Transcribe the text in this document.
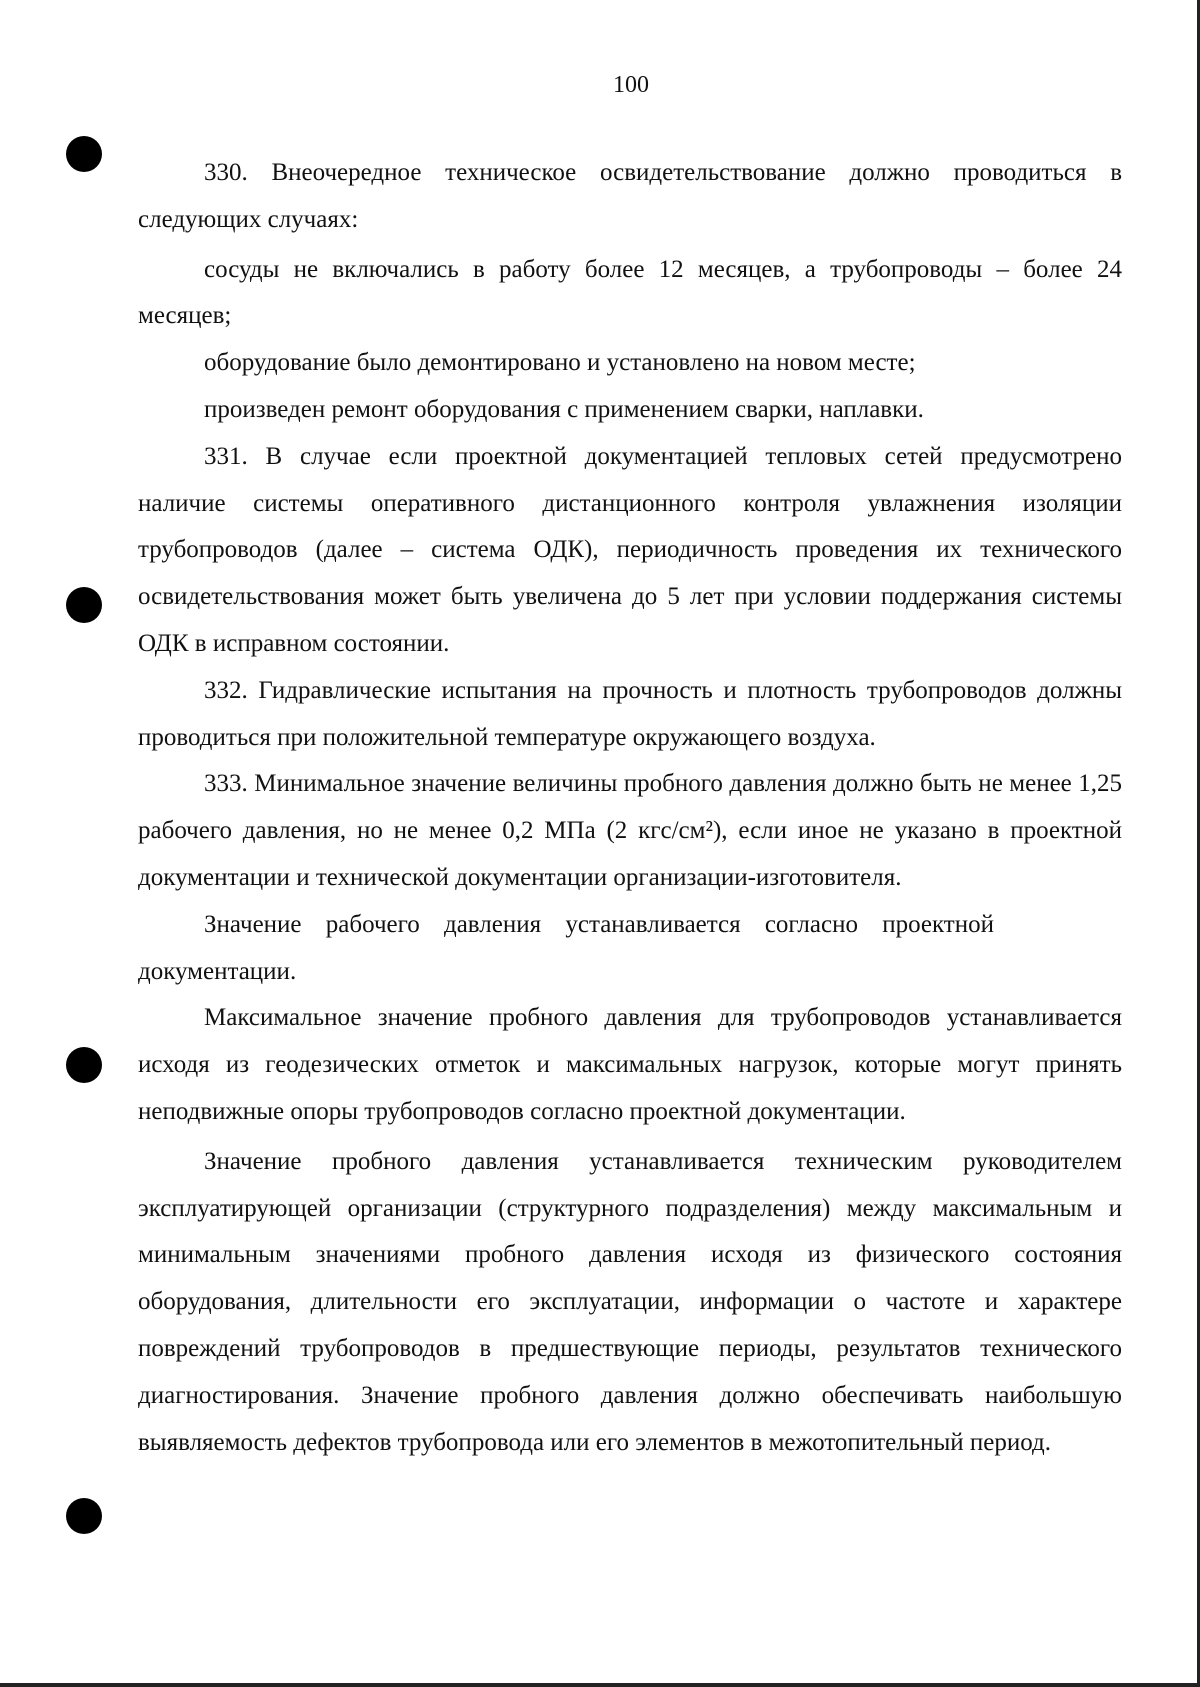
100

330. Внеочередное техническое освидетельствование должно проводиться в следующих случаях:

сосуды не включались в работу более 12 месяцев, а трубопроводы – более 24 месяцев;

оборудование было демонтировано и установлено на новом месте;

произведен ремонт оборудования с применением сварки, наплавки.

331. В случае если проектной документацией тепловых сетей предусмотрено наличие системы оперативного дистанционного контроля увлажнения изоляции трубопроводов (далее – система ОДК), периодичность проведения их технического освидетельствования может быть увеличена до 5 лет при условии поддержания системы ОДК в исправном состоянии.

332. Гидравлические испытания на прочность и плотность трубопроводов должны проводиться при положительной температуре окружающего воздуха.

333. Минимальное значение величины пробного давления должно быть не менее 1,25 рабочего давления, но не менее 0,2 МПа (2 кгс/см²), если иное не указано в проектной документации и технической документации организации-изготовителя.

Значение рабочего давления устанавливается согласно проектной документации.

Максимальное значение пробного давления для трубопроводов устанавливается исходя из геодезических отметок и максимальных нагрузок, которые могут принять неподвижные опоры трубопроводов согласно проектной документации.

Значение пробного давления устанавливается техническим руководителем эксплуатирующей организации (структурного подразделения) между максимальным и минимальным значениями пробного давления исходя из физического состояния оборудования, длительности его эксплуатации, информации о частоте и характере повреждений трубопроводов в предшествующие периоды, результатов технического диагностирования. Значение пробного давления должно обеспечивать наибольшую выявляемость дефектов трубопровода или его элементов в межотопительный период.
